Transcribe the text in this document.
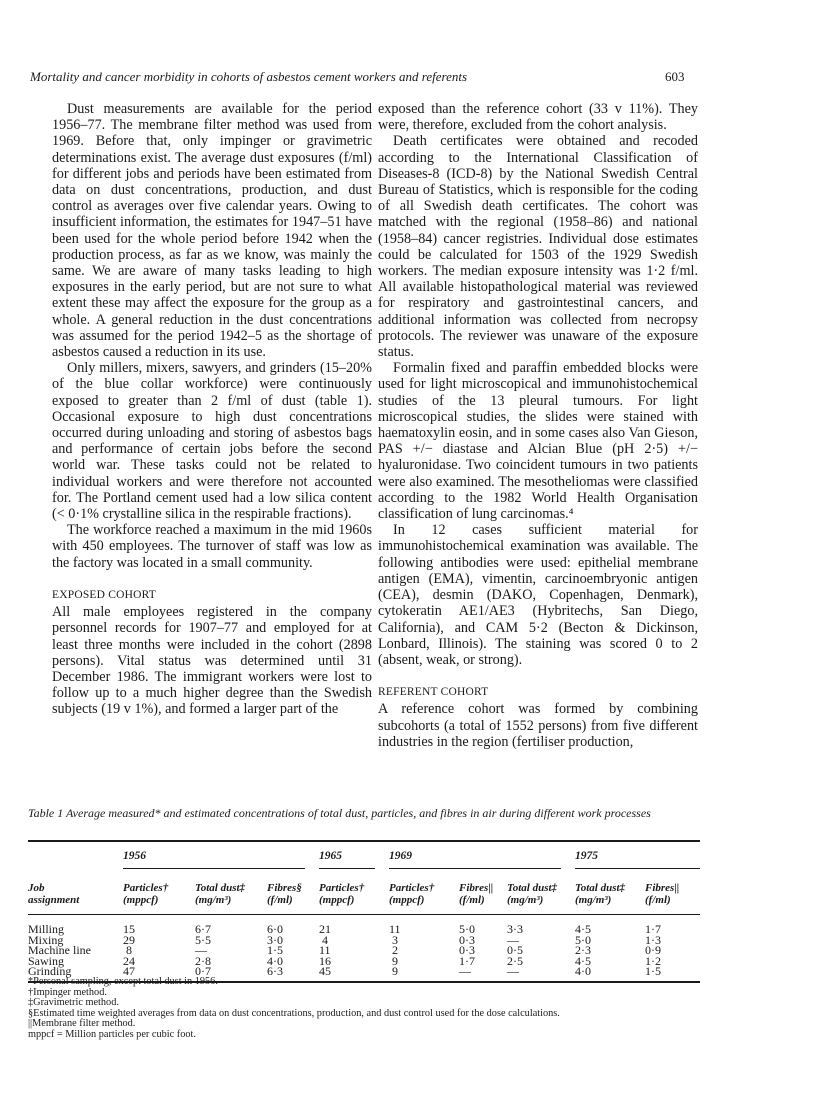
Mortality and cancer morbidity in cohorts of asbestos cement workers and referents	603

Dust measurements are available for the period 1956–77. The membrane filter method was used from 1969. Before that, only impinger or gravimetric determinations exist. The average dust exposures (f/ml) for different jobs and periods have been estimated from data on dust concentrations, production, and dust control as averages over five calendar years. Owing to insufficient information, the estimates for 1947–51 have been used for the whole period before 1942 when the production process, as far as we know, was mainly the same. We are aware of many tasks leading to high exposures in the early period, but are not sure to what extent these may affect the exposure for the group as a whole. A general reduction in the dust concentrations was assumed for the period 1942–5 as the shortage of asbestos caused a reduction in its use.

Only millers, mixers, sawyers, and grinders (15–20% of the blue collar workforce) were continuously exposed to greater than 2 f/ml of dust (table 1). Occasional exposure to high dust concentrations occurred during unloading and storing of asbestos bags and performance of certain jobs before the second world war. These tasks could not be related to individual workers and were therefore not accounted for. The Portland cement used had a low silica content (< 0·1% crystalline silica in the respirable fractions).

The workforce reached a maximum in the mid 1960s with 450 employees. The turnover of staff was low as the factory was located in a small community.

EXPOSED COHORT

All male employees registered in the company personnel records for 1907–77 and employed for at least three months were included in the cohort (2898 persons). Vital status was determined until 31 December 1986. The immigrant workers were lost to follow up to a much higher degree than the Swedish subjects (19 v 1%), and formed a larger part of the

exposed than the reference cohort (33 v 11%). They were, therefore, excluded from the cohort analysis.

Death certificates were obtained and recoded according to the International Classification of Diseases-8 (ICD-8) by the National Swedish Central Bureau of Statistics, which is responsible for the coding of all Swedish death certificates. The cohort was matched with the regional (1958–86) and national (1958–84) cancer registries. Individual dose estimates could be calculated for 1503 of the 1929 Swedish workers. The median exposure intensity was 1·2 f/ml. All available histopathological material was reviewed for respiratory and gastrointestinal cancers, and additional information was collected from necropsy protocols. The reviewer was unaware of the exposure status.

Formalin fixed and paraffin embedded blocks were used for light microscopical and immunohistochemical studies of the 13 pleural tumours. For light microscopical studies, the slides were stained with haematoxylin eosin, and in some cases also Van Gieson, PAS +/− diastase and Alcian Blue (pH 2·5) +/− hyaluronidase. Two coincident tumours in two patients were also examined. The mesotheliomas were classified according to the 1982 World Health Organisation classification of lung carcinomas.⁴

In 12 cases sufficient material for immunohistochemical examination was available. The following antibodies were used: epithelial membrane antigen (EMA), vimentin, carcinoembryonic antigen (CEA), desmin (DAKO, Copenhagen, Denmark), cytokeratin AE1/AE3 (Hybritechs, San Diego, California), and CAM 5·2 (Becton & Dickinson, Lonbard, Illinois). The staining was scored 0 to 2 (absent, weak, or strong).

REFERENT COHORT

A reference cohort was formed by combining subcohorts (a total of 1552 persons) from five different industries in the region (fertiliser production,

Table 1 Average measured* and estimated concentrations of total dust, particles, and fibres in air during different work processes

	1956			1965	1969			1975	

Job
assignment

Particles†
(mppcf)

Total dust‡
(mg/m³)

Fibres§
(f/ml)

Particles†
(mppcf)

Particles†
(mppcf)

Fibres||
(f/ml)

Total dust‡
(mg/m³)

Total dust‡
(mg/m³)

Fibres||
(f/ml)

Milling	15	6·7	6·0	21	11	5·0	3·3	4·5	1·7
Mixing	29	5·5	3·0	4	3	0·3	—	5·0	1·3
Machine line	8	—	1·5	11	2	0·3	0·5	2·3	0·9
Sawing	24	2·8	4·0	16	9	1·7	2·5	4·5	1·2
Grinding	47	0·7	6·3	45	9	—	—	4·0	1·5
*Personal sampling, except total dust in 1956.
†Impinger method.
‡Gravimetric method.
§Estimated time weighted averages from data on dust concentrations, production, and dust control used for the dose calculations.
||Membrane filter method.
mppcf = Million particles per cubic foot.
